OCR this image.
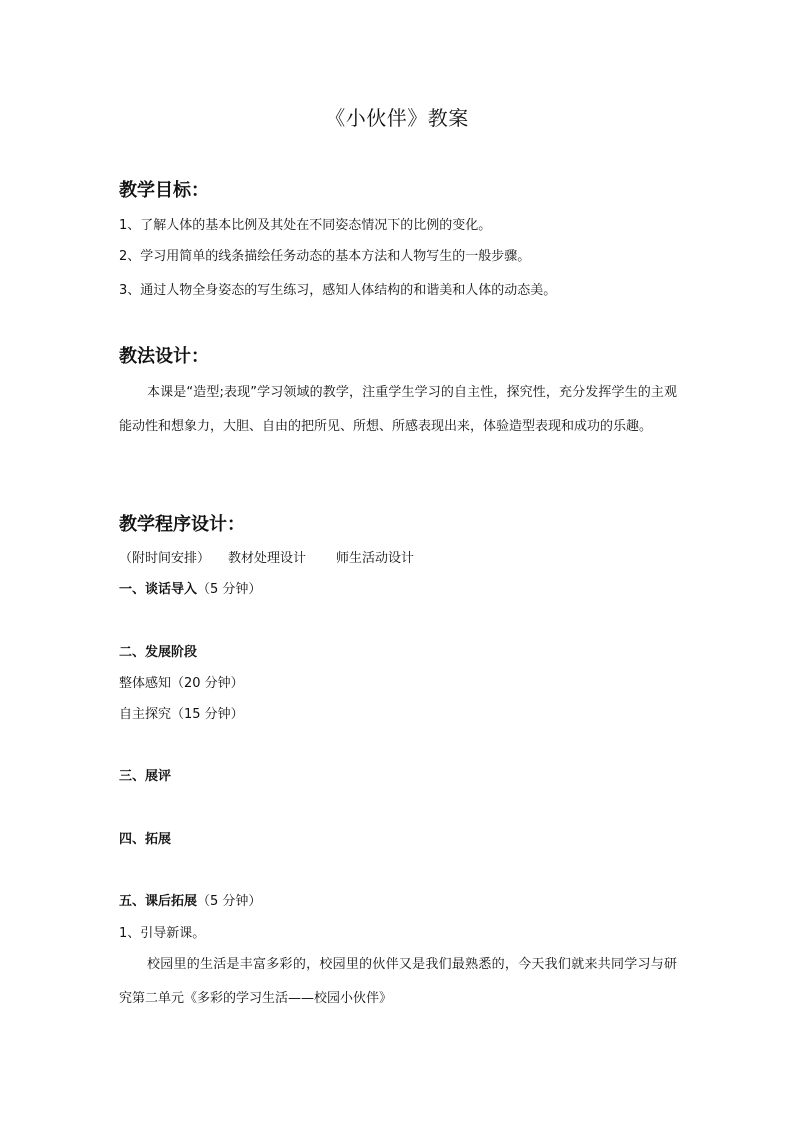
《小伙伴》教案
教学目标：
1、了解人体的基本比例及其处在不同姿态情况下的比例的变化。
2、学习用简单的线条描绘任务动态的基本方法和人物写生的一般步骤。
3、通过人物全身姿态的写生练习，感知人体结构的和谐美和人体的动态美。
教法设计：
本课是“造型;表现”学习领域的教学，注重学生学习的自主性，探究性，充分发挥学生的主观能动性和想象力，大胆、自由的把所见、所想、所感表现出来，体验造型表现和成功的乐趣。
教学程序设计：
（附时间安排） 教材处理设计 师生活动设计
一、谈话导入（5 分钟）
二、发展阶段
整体感知（20 分钟）
自主探究（15 分钟）
三、展评
四、拓展
五、课后拓展（5 分钟）
1、引导新课。
校园里的生活是丰富多彩的，校园里的伙伴又是我们最熟悉的，今天我们就来共同学习与研究第二单元《多彩的学习生活——校园小伙伴》
